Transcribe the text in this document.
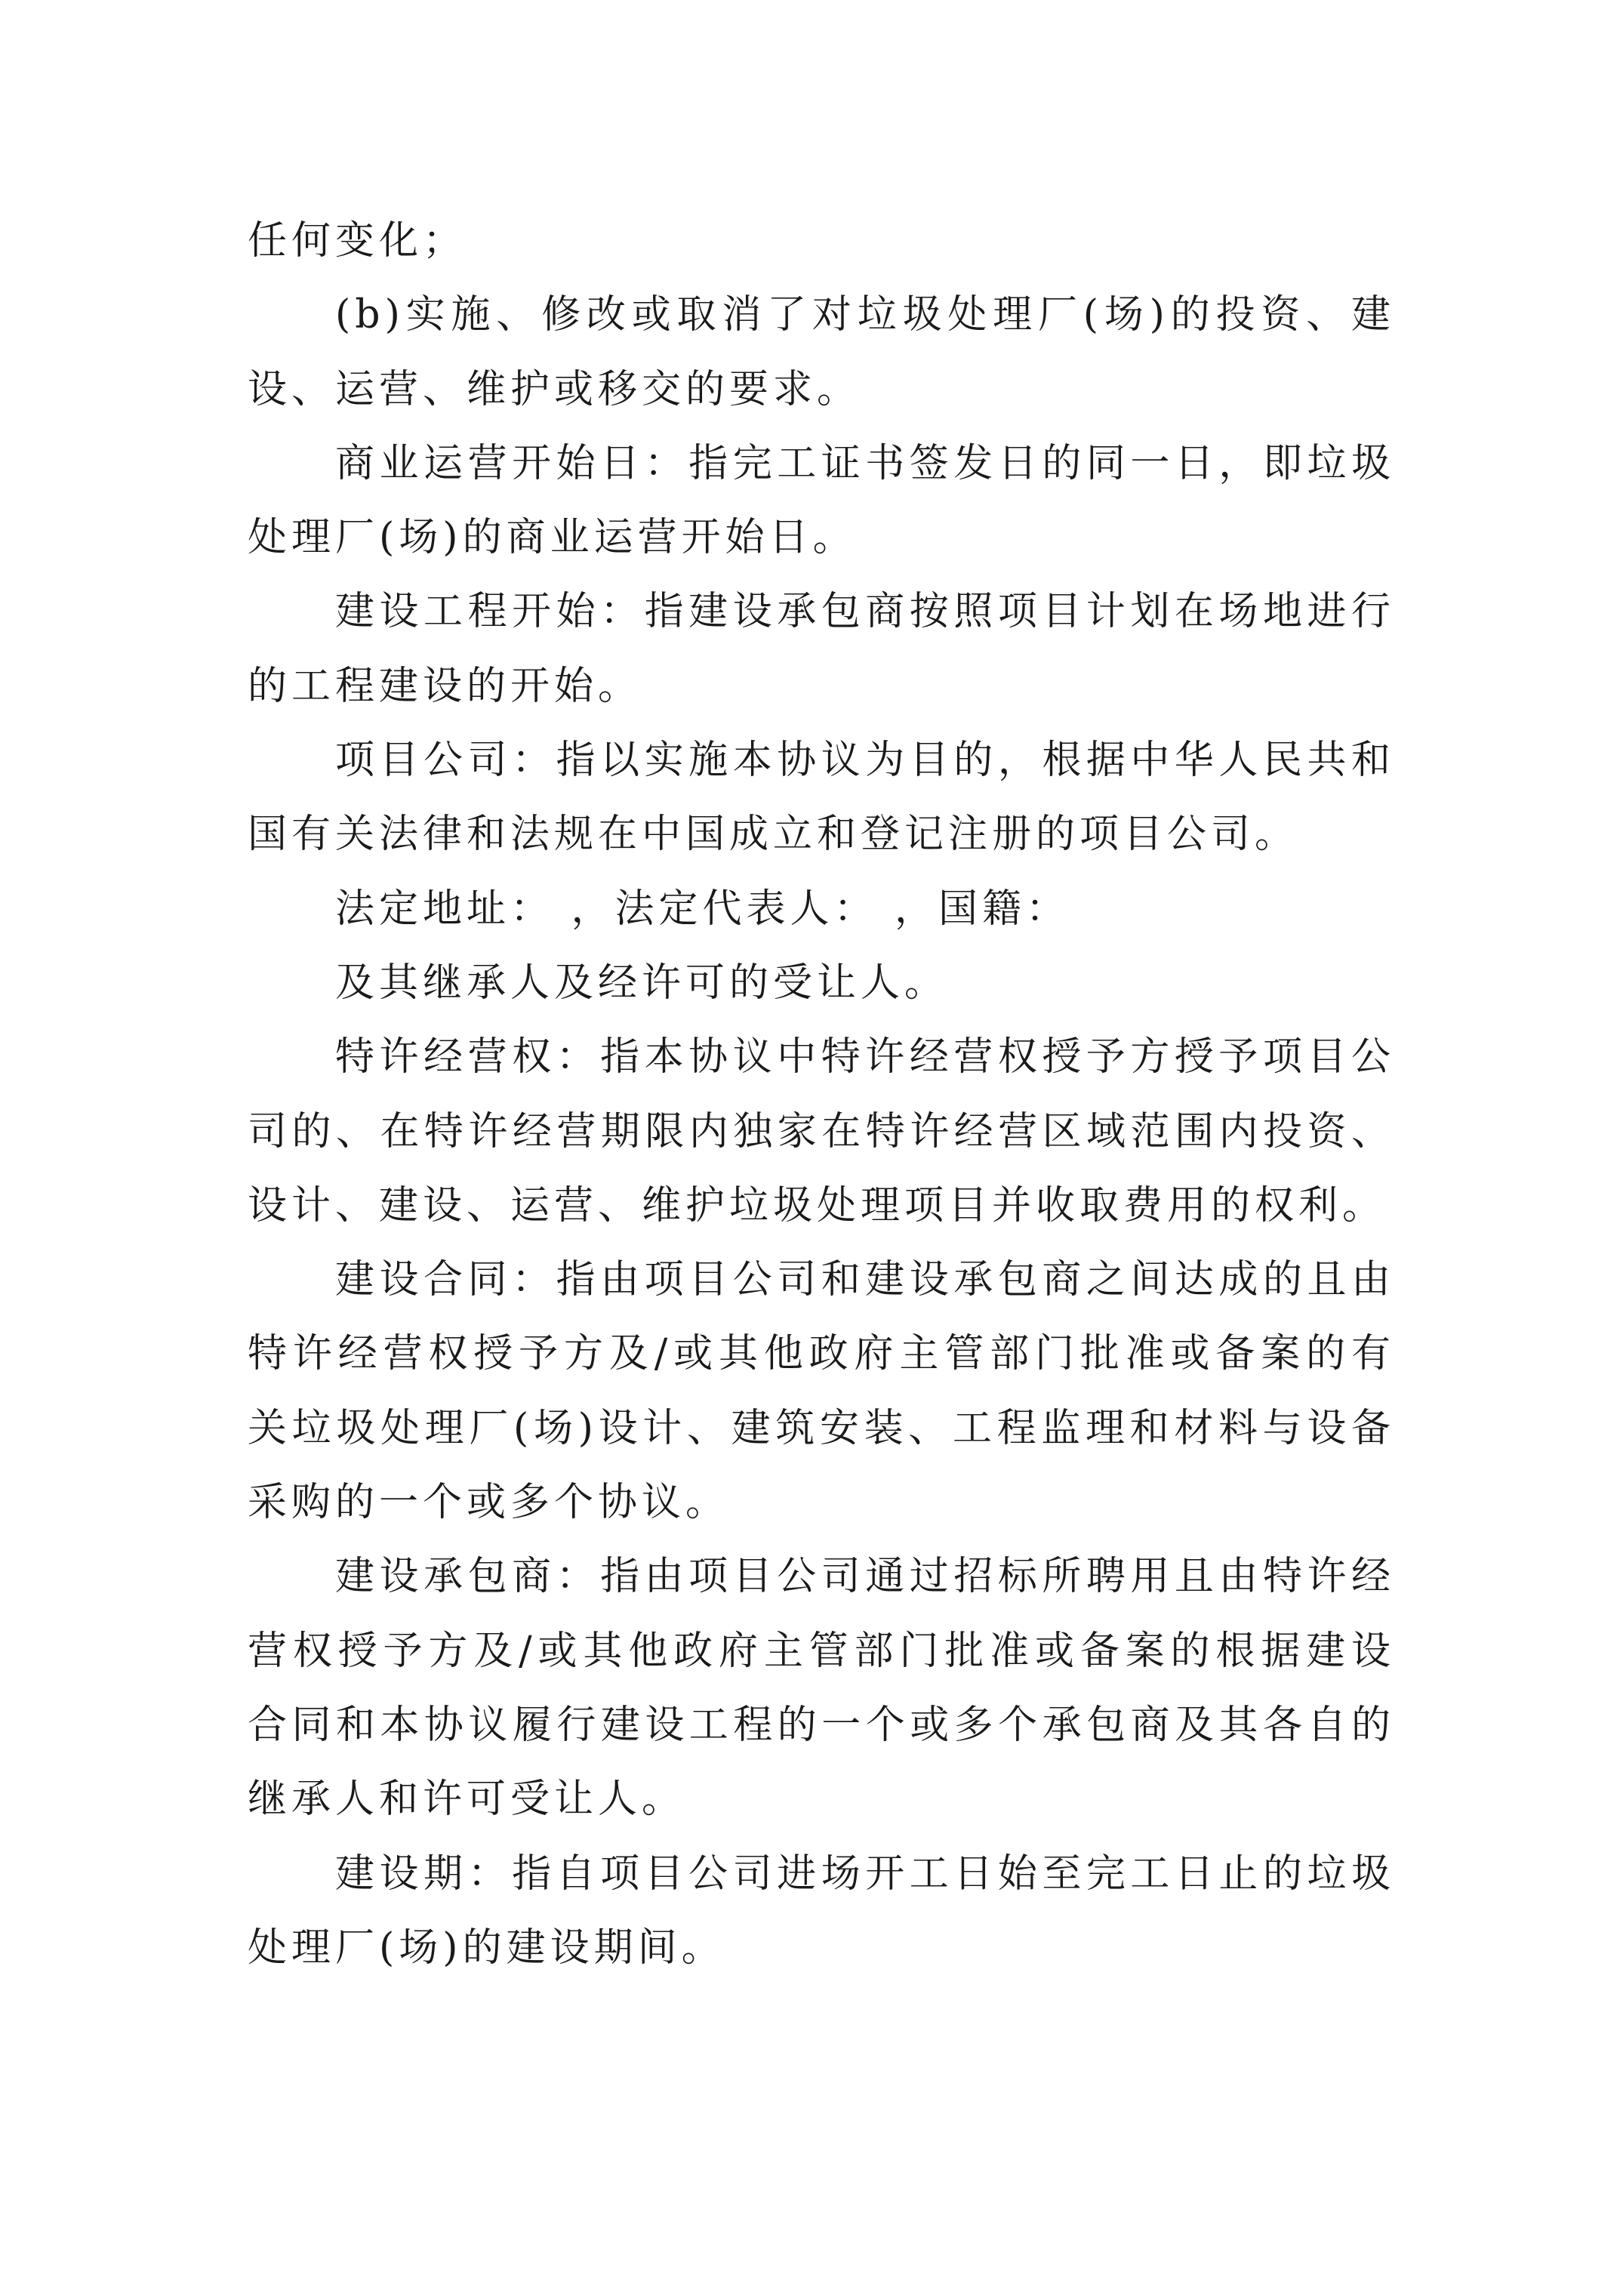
任何变化；

(b)实施、修改或取消了对垃圾处理厂(场)的投资、建设、运营、维护或移交的要求。

商业运营开始日：指完工证书签发日的同一日，即垃圾处理厂(场)的商业运营开始日。

建设工程开始：指建设承包商按照项目计划在场地进行的工程建设的开始。

项目公司：指以实施本协议为目的，根据中华人民共和国有关法律和法规在中国成立和登记注册的项目公司。

法定地址： ，法定代表人： ，国籍：

及其继承人及经许可的受让人。

特许经营权：指本协议中特许经营权授予方授予项目公司的、在特许经营期限内独家在特许经营区域范围内投资、设计、建设、运营、维护垃圾处理项目并收取费用的权利。

建设合同：指由项目公司和建设承包商之间达成的且由特许经营权授予方及/或其他政府主管部门批准或备案的有关垃圾处理厂(场)设计、建筑安装、工程监理和材料与设备采购的一个或多个协议。

建设承包商：指由项目公司通过招标所聘用且由特许经营权授予方及/或其他政府主管部门批准或备案的根据建设合同和本协议履行建设工程的一个或多个承包商及其各自的继承人和许可受让人。

建设期：指自项目公司进场开工日始至完工日止的垃圾处理厂(场)的建设期间。
